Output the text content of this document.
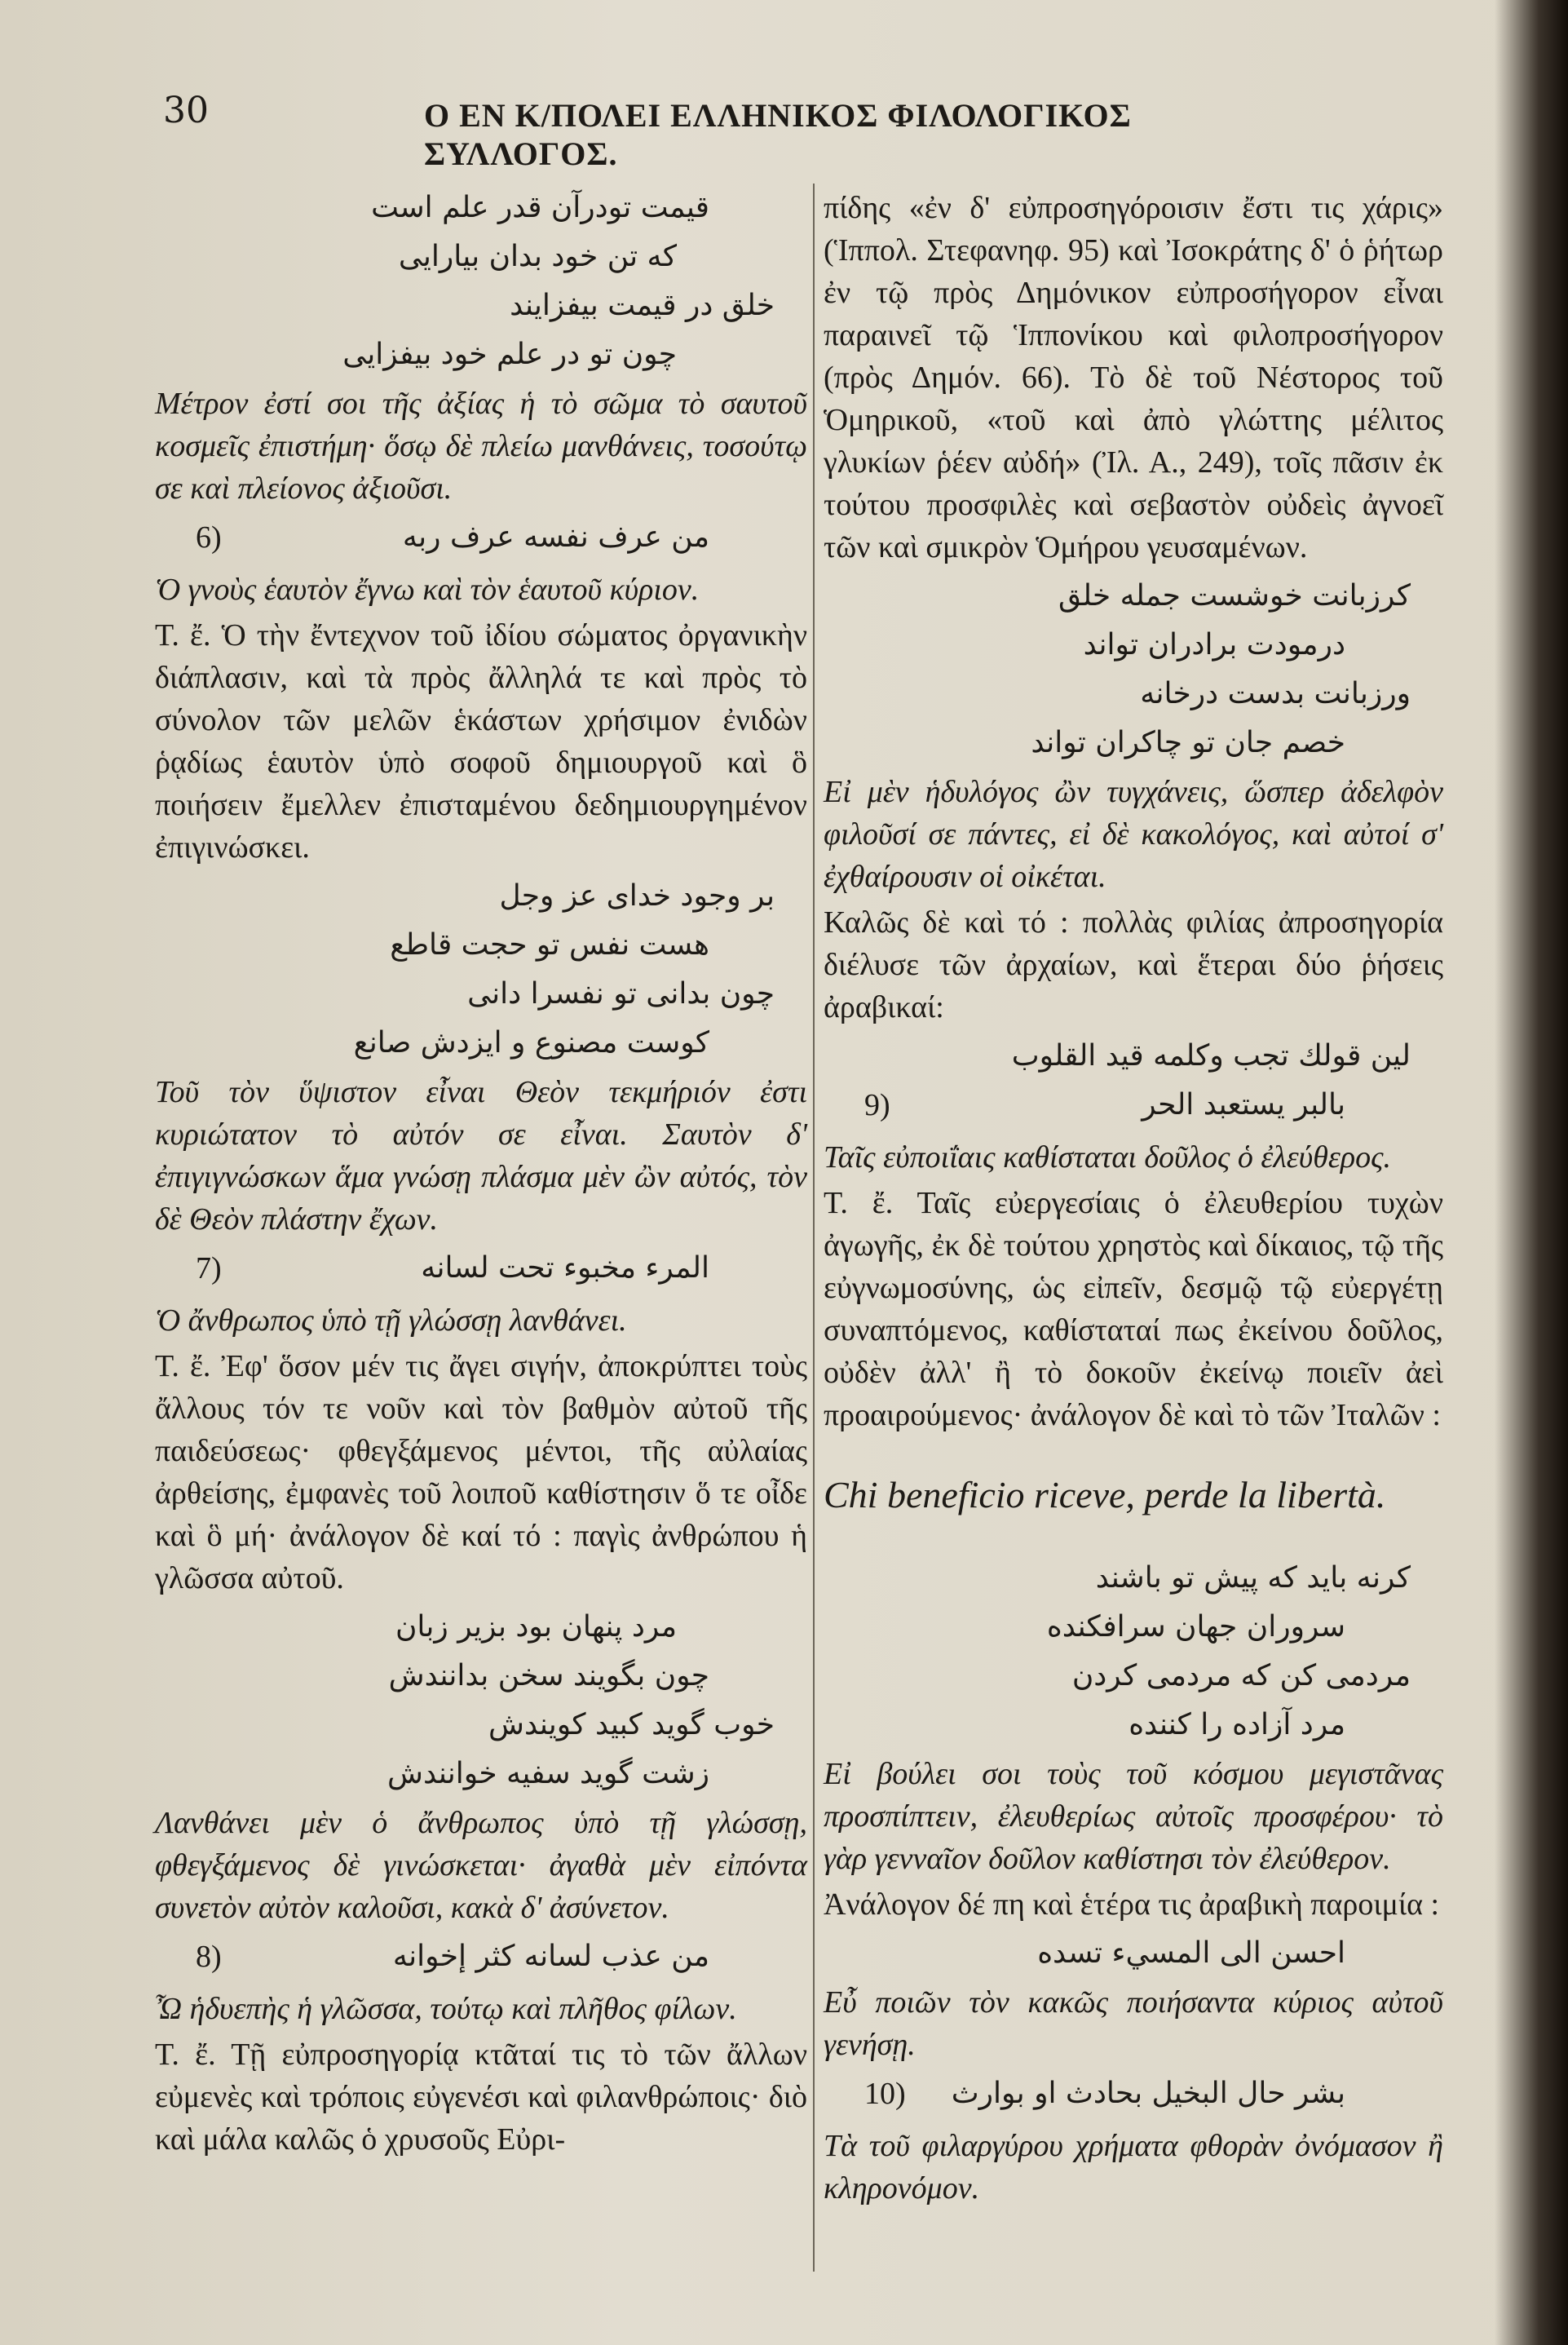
30	Ο ΕΝ Κ/ΠΟΛΕΙ ΕΛΛΗΝΙΚΟΣ ΦΙΛΟΛΟΓΙΚΟΣ ΣΥΛΛΟΓΟΣ.

قیمت تودرآن قدر علم است

که تن خود بدان بیارایی

خلق در قیمت بیفزایند

چون تو در علم خود بیفزایی

Μέτρον ἐστί σοι τῆς ἀξίας ἡ τὸ σῶμα τὸ σαυτοῦ κοσμεῖς ἐπιστήμη· ὅσῳ δὲ πλείω μανθάνεις, τοσούτῳ σε καὶ πλείονος ἀξιοῦσι.

6)	من عرف نفسه عرف ربه

Ὁ γνοὺς ἑαυτὸν ἔγνω καὶ τὸν ἑαυτοῦ κύριον.

Τ. ἔ. Ὁ τὴν ἔντεχνον τοῦ ἰδίου σώματος ὀργανικὴν διάπλασιν, καὶ τὰ πρὸς ἄλληλά τε καὶ πρὸς τὸ σύνολον τῶν μελῶν ἑκάστων χρήσιμον ἐνιδὼν ῥᾳδίως ἑαυτὸν ὑπὸ σοφοῦ δημιουργοῦ καὶ ὃ ποιήσειν ἔμελλεν ἐπισταμένου δεδημιουργημένον ἐπιγινώσκει.

بر وجود خدای عز وجل

هست نفس تو حجت قاطع

چون بدانی تو نفسرا دانی

کوست مصنوع و ایزدش صانع

Τοῦ τὸν ὕψιστον εἶναι Θεὸν τεκμήριόν ἐστι κυριώτατον τὸ αὐτόν σε εἶναι. Σαυτὸν δ' ἐπιγιγνώσκων ἅμα γνώσῃ πλάσμα μὲν ὢν αὐτός, τὸν δὲ Θεὸν πλάστην ἔχων.

7)	المرء مخبوء تحت لسانه

Ὁ ἄνθρωπος ὑπὸ τῇ γλώσσῃ λανθάνει.

Τ. ἔ. Ἐφ' ὅσον μέν τις ἄγει σιγήν, ἀποκρύπτει τοὺς ἄλλους τόν τε νοῦν καὶ τὸν βαθμὸν αὐτοῦ τῆς παιδεύσεως· φθεγξάμενος μέντοι, τῆς αὐλαίας ἀρθείσης, ἐμφανὲς τοῦ λοιποῦ καθίστησιν ὅ τε οἶδε καὶ ὃ μή· ἀνάλογον δὲ καί τό : παγὶς ἀνθρώπου ἡ γλῶσσα αὐτοῦ.

مرد پنهان بود بزیر زبان

چون بگویند سخن بدانندش

خوب گوید کبید کویندش

زشت گوید سفیه خوانندش

Λανθάνει μὲν ὁ ἄνθρωπος ὑπὸ τῇ γλώσσῃ, φθεγξάμενος δὲ γινώσκεται· ἀγαθὰ μὲν εἰπόντα συνετὸν αὐτὸν καλοῦσι, κακὰ δ' ἀσύνετον.

8)	من عذب لسانه كثر إخوانه

Ὦ ἡδυεπὴς ἡ γλῶσσα, τούτῳ καὶ πλῆθος φίλων.

Τ. ἔ. Τῇ εὐπροσηγορίᾳ κτᾶταί τις τὸ τῶν ἄλλων εὐμενὲς καὶ τρόποις εὐγενέσι καὶ φιλανθρώποις· διὸ καὶ μάλα καλῶς ὁ χρυσοῦς Εὐρι-

πίδης «ἐν δ' εὐπροσηγόροισιν ἔστι τις χάρις» (Ἱππολ. Στεφανηφ. 95) καὶ Ἰσοκράτης δ' ὁ ῥήτωρ ἐν τῷ πρὸς Δημόνικον εὐπροσήγορον εἶναι παραινεῖ τῷ Ἱππονίκου καὶ φιλοπροσήγορον (πρὸς Δημόν. 66). Τὸ δὲ τοῦ Νέστορος τοῦ Ὁμηρικοῦ, «τοῦ καὶ ἀπὸ γλώττης μέλιτος γλυκίων ῥέεν αὐδή» (Ἰλ. Α., 249), τοῖς πᾶσιν ἐκ τούτου προσφιλὲς καὶ σεβαστὸν οὐδεὶς ἀγνοεῖ τῶν καὶ σμικρὸν Ὁμήρου γευσαμένων.

کرزبانت خوشست جمله خلق

درمودت برادران تواند

ورزبانت بدست درخانه

خصم جان تو چاکران تواند

Εἰ μὲν ἡδυλόγος ὢν τυγχάνεις, ὥσπερ ἀδελφὸν φιλοῦσί σε πάντες, εἰ δὲ κακολόγος, καὶ αὐτοί σ' ἐχθαίρουσιν οἱ οἰκέται.

Καλῶς δὲ καὶ τό : πολλὰς φιλίας ἀπροσηγορία διέλυσε τῶν ἀρχαίων, καὶ ἕτεραι δύο ῥήσεις ἀραβικαί:

لين قولك تجب وكلمه قيد القلوب

9)	بالبر يستعبد الحر

Ταῖς εὐποιΐαις καθίσταται δοῦλος ὁ ἐλεύθερος.

Τ. ἔ. Ταῖς εὐεργεσίαις ὁ ἐλευθερίου τυχὼν ἀγωγῆς, ἐκ δὲ τούτου χρηστὸς καὶ δίκαιος, τῷ τῆς εὐγνωμοσύνης, ὡς εἰπεῖν, δεσμῷ τῷ εὐεργέτῃ συναπτόμενος, καθίσταταί πως ἐκείνου δοῦλος, οὐδὲν ἀλλ' ἢ τὸ δοκοῦν ἐκείνῳ ποιεῖν ἀεὶ προαιρούμενος· ἀνάλογον δὲ καὶ τὸ τῶν Ἰταλῶν :

Chi beneficio riceve, perde la libertà.

کرنه باید که پیش تو باشند

سروران جهان سرافکنده

مردمی کن که مردمی کردن

مرد آزاده را کننده

Εἰ βούλει σοι τοὺς τοῦ κόσμου μεγιστᾶνας προσπίπτειν, ἐλευθερίως αὐτοῖς προσφέρου· τὸ γὰρ γενναῖον δοῦλον καθίστησι τὸν ἐλεύθερον.

Ἀνάλογον δέ πη καὶ ἑτέρα τις ἀραβικὴ παροιμία :

احسن الى المسيء تسده

Εὖ ποιῶν τὸν κακῶς ποιήσαντα κύριος αὐτοῦ γενήσῃ.

10) بشر حال البخيل بحادث او بوارث

Τὰ τοῦ φιλαργύρου χρήματα φθορὰν ὀνόμασον ἢ κληρονόμον.
